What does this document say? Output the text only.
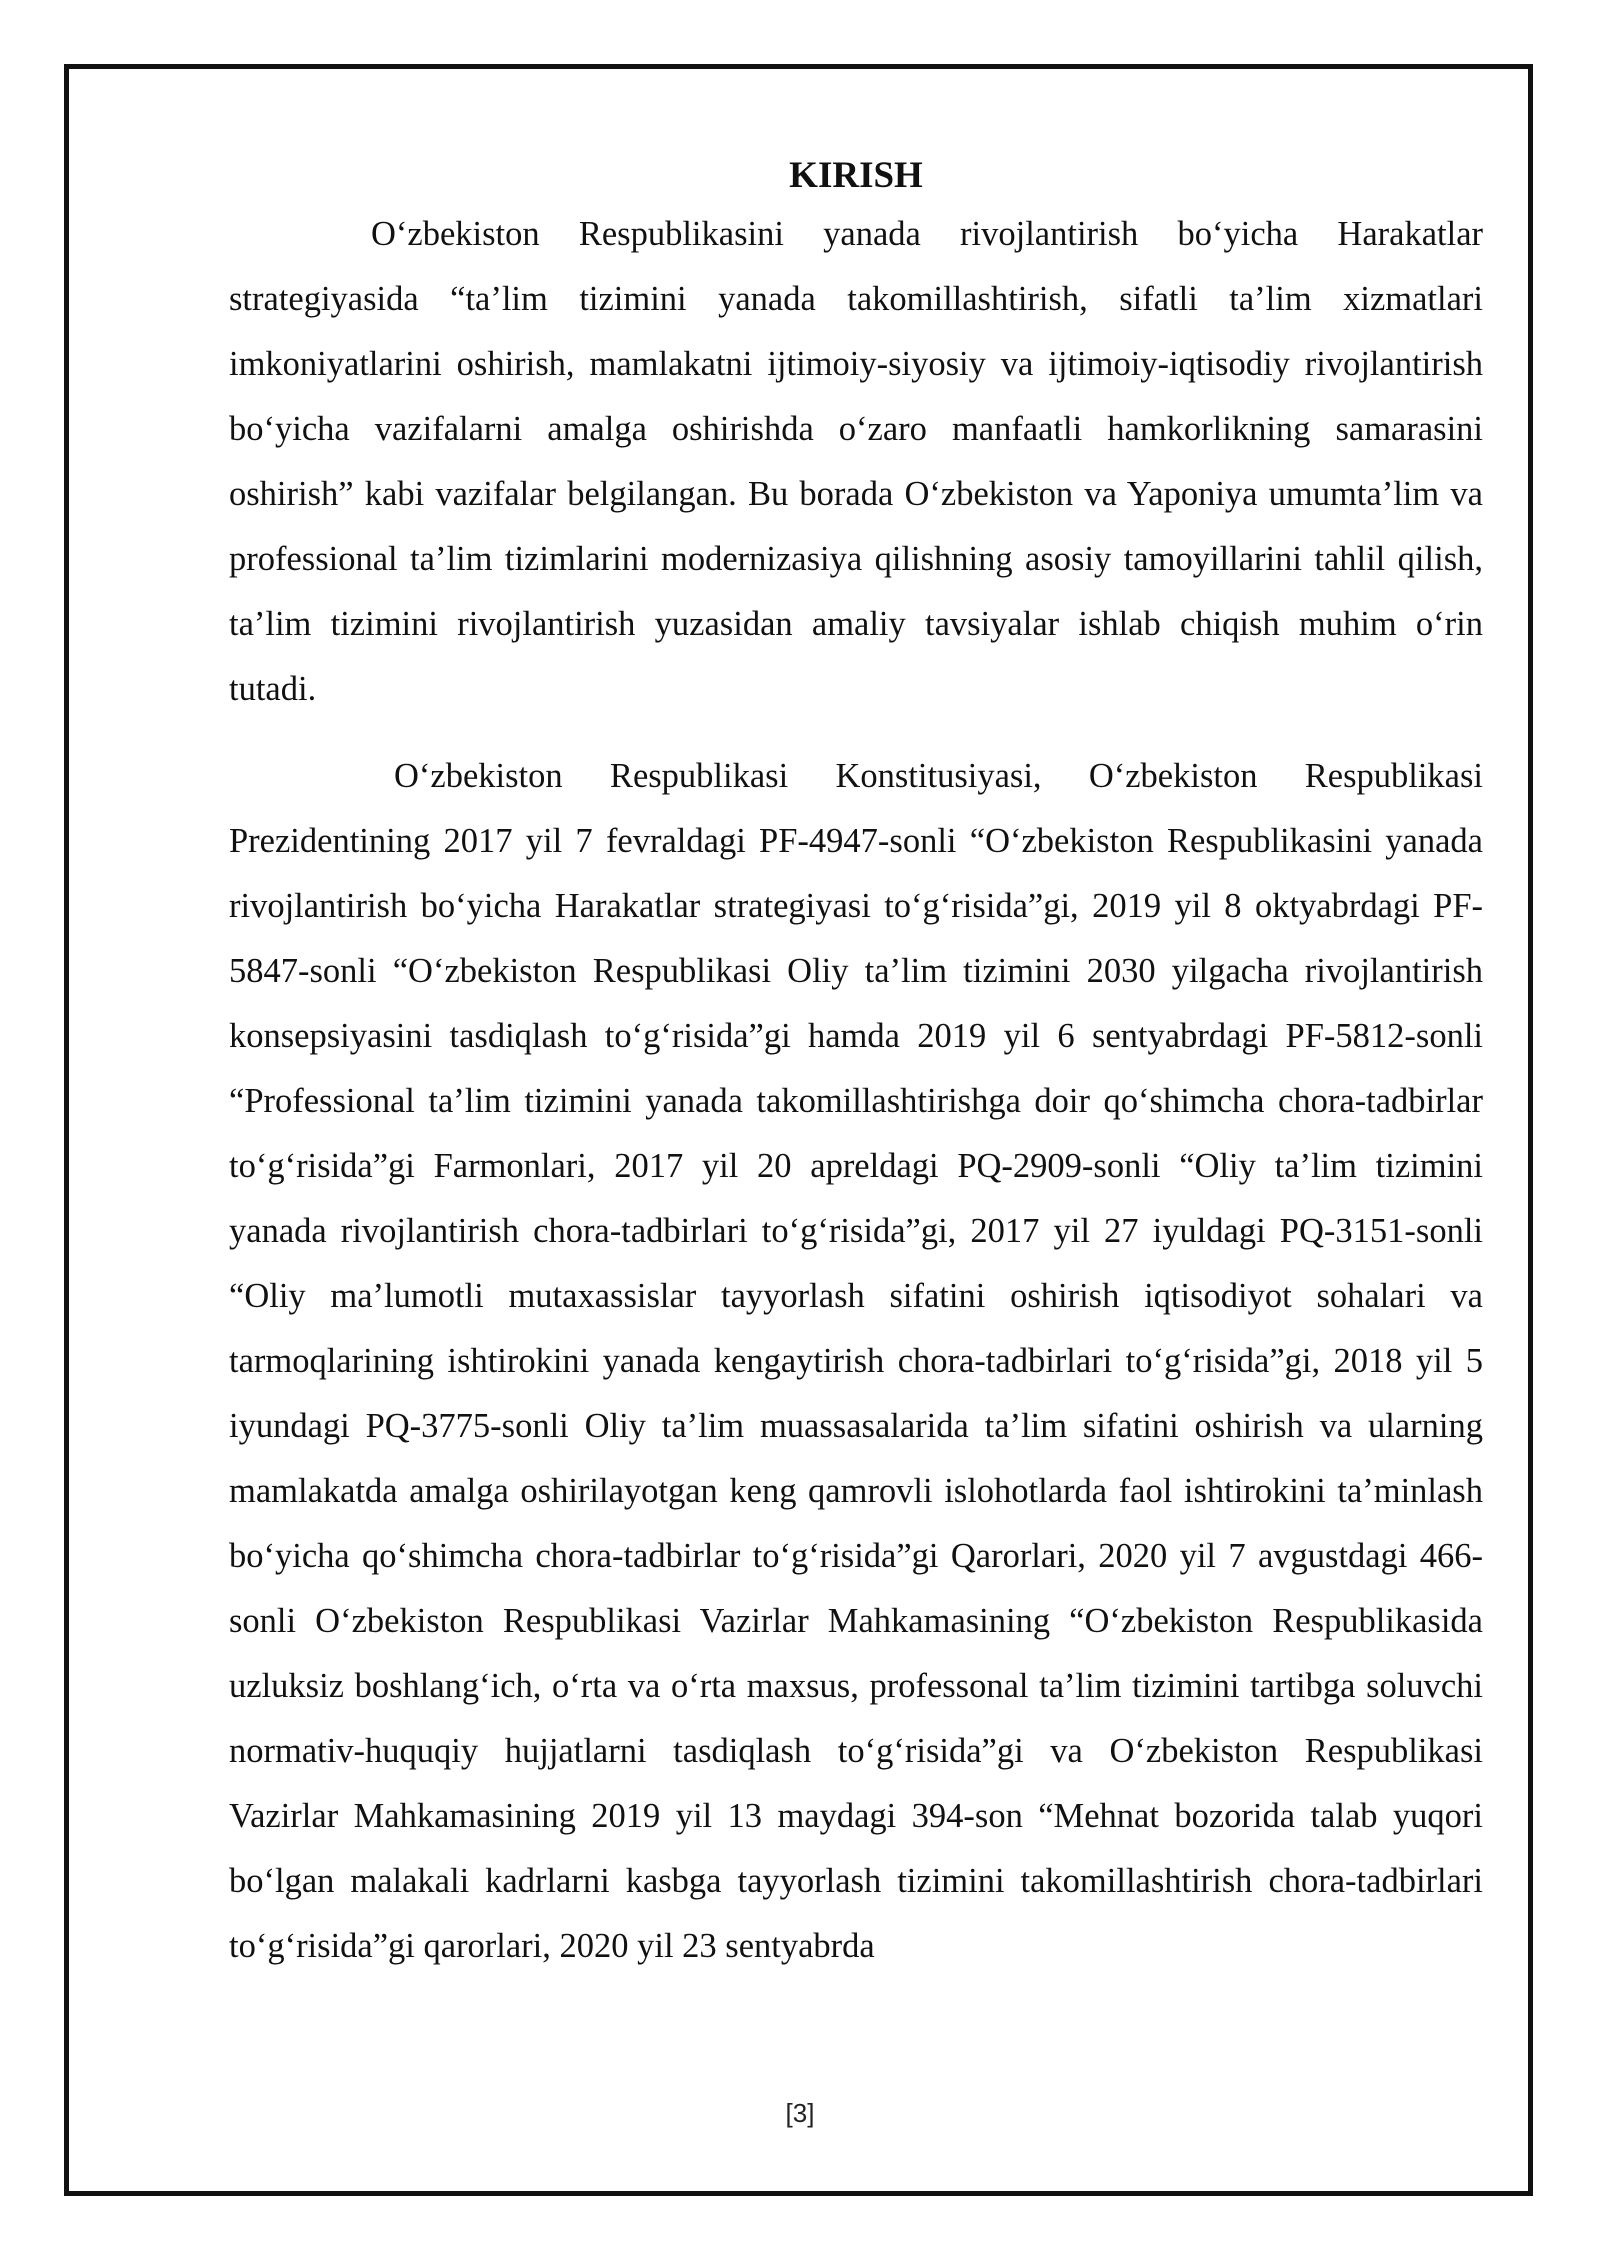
KIRISH

O‘zbekiston Respublikasini yanada rivojlantirish bo‘yicha Harakatlar strategiyasida “ta’lim tizimini yanada takomillashtirish, sifatli ta’lim xizmatlari imkoniyatlarini oshirish, mamlakatni ijtimoiy-siyosiy va ijtimoiy-iqtisodiy rivojlantirish bo‘yicha vazifalarni amalga oshirishda o‘zaro manfaatli hamkorlikning samarasini oshirish” kabi vazifalar belgilangan. Bu borada O‘zbekiston va Yaponiya umumta’lim va professional ta’lim tizimlarini modernizasiya qilishning asosiy tamoyillarini tahlil qilish, ta’lim tizimini rivojlantirish yuzasidan amaliy tavsiyalar ishlab chiqish muhim o‘rin tutadi.

O‘zbekiston Respublikasi Konstitusiyasi, O‘zbekiston Respublikasi Prezidentining 2017 yil 7 fevraldagi PF-4947-sonli “O‘zbekiston Respublikasini yanada rivojlantirish bo‘yicha Harakatlar strategiyasi to‘g‘risida”gi, 2019 yil 8 oktyabrdagi PF-5847-sonli “O‘zbekiston Respublikasi Oliy ta’lim tizimini 2030 yilgacha rivojlantirish konsepsiyasini tasdiqlash to‘g‘risida”gi hamda 2019 yil 6 sentyabrdagi PF-5812-sonli “Professional ta’lim tizimini yanada takomillashtirishga doir qo‘shimcha chora-tadbirlar to‘g‘risida”gi Farmonlari, 2017 yil 20 apreldagi PQ-2909-sonli “Oliy ta’lim tizimini yanada rivojlantirish chora-tadbirlari to‘g‘risida”gi, 2017 yil 27 iyuldagi PQ-3151-sonli “Oliy ma’lumotli mutaxassislar tayyorlash sifatini oshirish iqtisodiyot sohalari va tarmoqlarining ishtirokini yanada kengaytirish chora-tadbirlari to‘g‘risida”gi, 2018 yil 5 iyundagi PQ-3775-sonli Oliy ta’lim muassasalarida ta’lim sifatini oshirish va ularning mamlakatda amalga oshirilayotgan keng qamrovli islohotlarda faol ishtirokini ta’minlash bo‘yicha qo‘shimcha chora-tadbirlar to‘g‘risida”gi Qarorlari, 2020 yil 7 avgustdagi 466-sonli O‘zbekiston Respublikasi Vazirlar Mahkamasining “O‘zbekiston Respublikasida uzluksiz boshlang‘ich, o‘rta va o‘rta maxsus, professonal ta’lim tizimini tartibga soluvchi normativ-huquqiy hujjatlarni tasdiqlash to‘g‘risida”gi va O‘zbekiston Respublikasi Vazirlar Mahkamasining 2019 yil 13 maydagi 394-son “Mehnat bozorida talab yuqori bo‘lgan malakali kadrlarni kasbga tayyorlash tizimini takomillashtirish chora-tadbirlari to‘g‘risida”gi qarorlari, 2020 yil 23 sentyabrda

[3]
